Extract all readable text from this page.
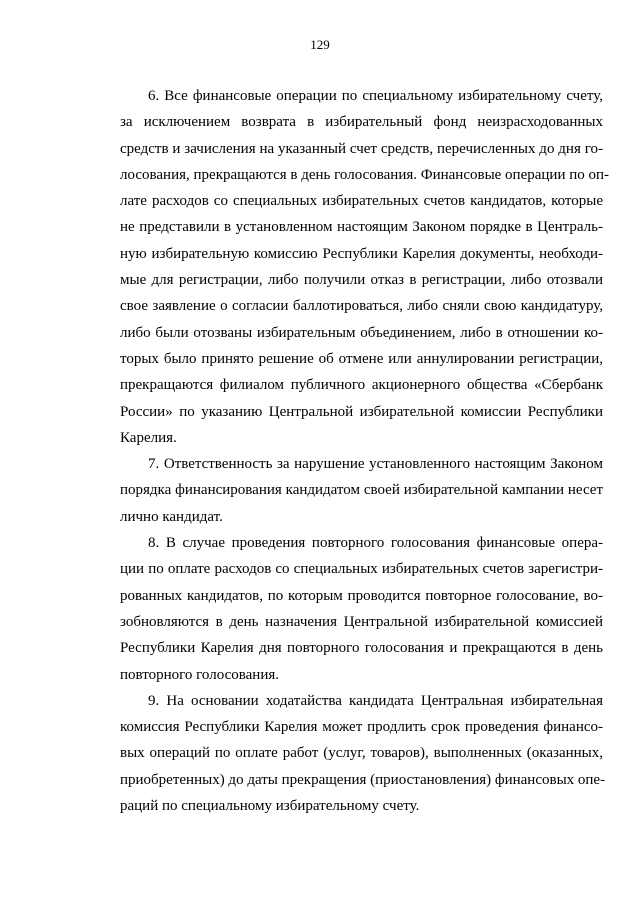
129
6. Все финансовые операции по специальному избирательному счету,
за исключением возврата в избирательный фонд неизрасходованных
средств и зачисления на указанный счет средств, перечисленных до дня го-
лосования, прекращаются в день голосования. Финансовые операции по оп-
лате расходов со специальных избирательных счетов кандидатов, которые
не представили в установленном настоящим Законом порядке в Централь-
ную избирательную комиссию Республики Карелия документы, необходи-
мые для регистрации, либо получили отказ в регистрации, либо отозвали
свое заявление о согласии баллотироваться, либо сняли свою кандидатуру,
либо были отозваны избирательным объединением, либо в отношении ко-
торых было принято решение об отмене или аннулировании регистрации,
прекращаются филиалом публичного акционерного общества «Сбербанк
России» по указанию Центральной избирательной комиссии Республики
Карелия.
7. Ответственность за нарушение установленного настоящим Законом
порядка финансирования кандидатом своей избирательной кампании несет
лично кандидат.
8. В случае проведения повторного голосования финансовые опера-
ции по оплате расходов со специальных избирательных счетов зарегистри-
рованных кандидатов, по которым проводится повторное голосование, во-
зобновляются в день назначения Центральной избирательной комиссией
Республики Карелия дня повторного голосования и прекращаются в день
повторного голосования.
9. На основании ходатайства кандидата Центральная избирательная
комиссия Республики Карелия может продлить срок проведения финансо-
вых операций по оплате работ (услуг, товаров), выполненных (оказанных,
приобретенных) до даты прекращения (приостановления) финансовых опе-
раций по специальному избирательному счету.
